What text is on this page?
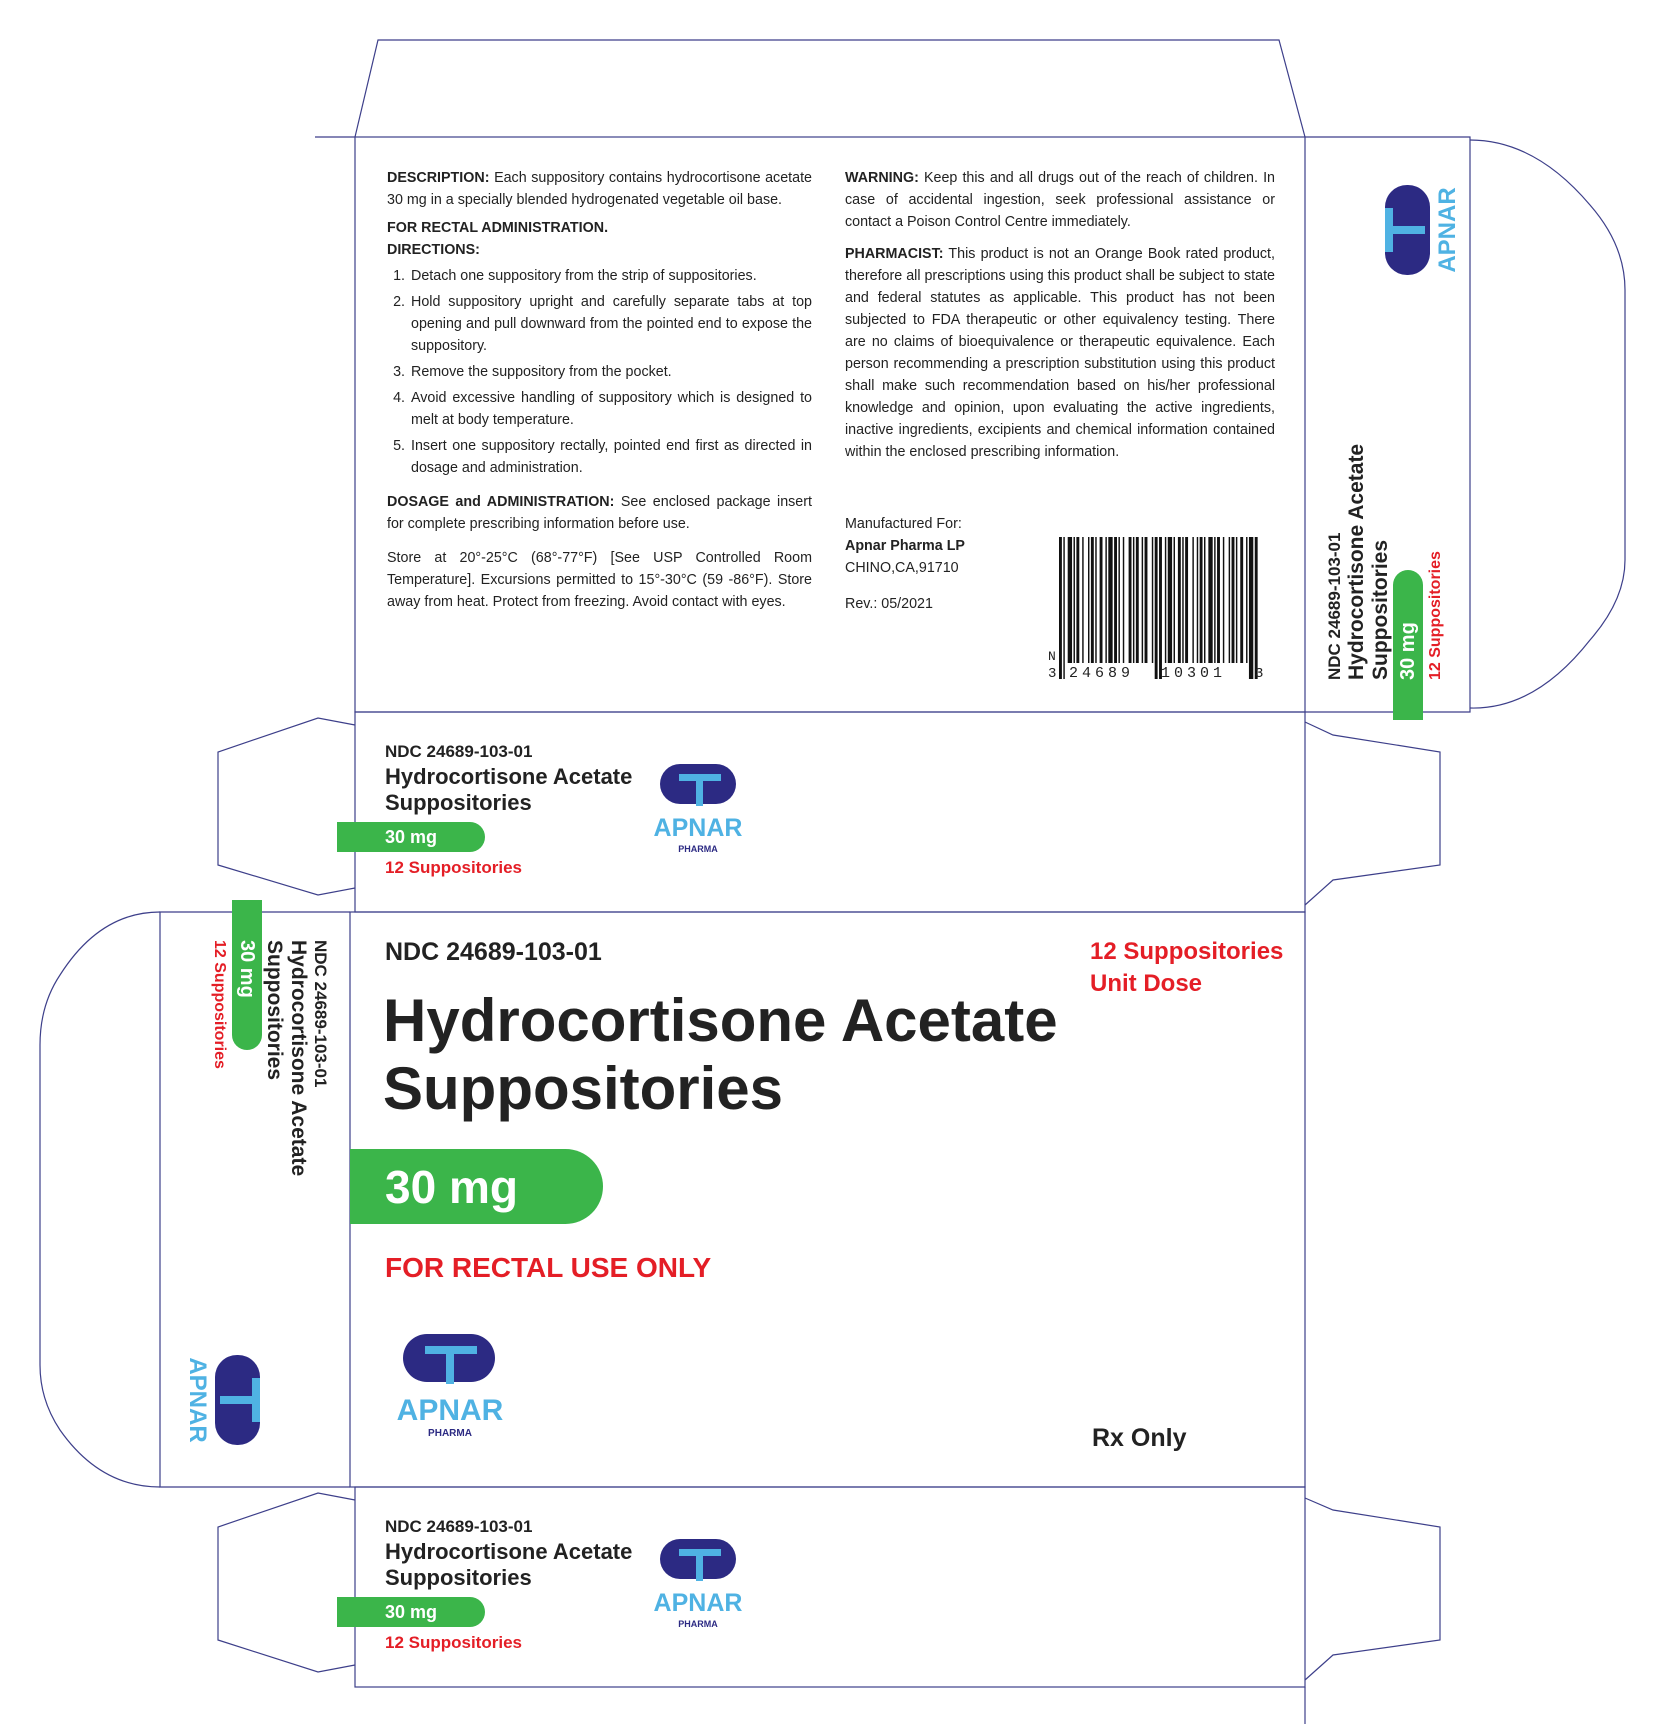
DESCRIPTION: Each suppository contains hydrocortisone acetate 30 mg in a specially blended hydrogenated vegetable oil base.

FOR RECTAL ADMINISTRATION.
DIRECTIONS:
1. Detach one suppository from the strip of suppositories.
2. Hold suppository upright and carefully separate tabs at top opening and pull downward from the pointed end to expose the suppository.
3. Remove the suppository from the pocket.
4. Avoid excessive handling of suppository which is designed to melt at body temperature.
5. Insert one suppository rectally, pointed end first as directed in dosage and administration.

DOSAGE and ADMINISTRATION: See enclosed package insert for complete prescribing information before use.

Store at 20°-25°C (68°-77°F) [See USP Controlled Room Temperature]. Excursions permitted to 15°-30°C (59 -86°F). Store away from heat. Protect from freezing. Avoid contact with eyes.

WARNING: Keep this and all drugs out of the reach of children. In case of accidental ingestion, seek professional assistance or contact a Poison Control Centre immediately.

PHARMACIST: This product is not an Orange Book rated product, therefore all prescriptions using this product shall be subject to state and federal statutes as applicable. This product has not been subjected to FDA therapeutic or other equivalency testing. There are no claims of bioequivalence or therapeutic equivalence. Each person recommending a prescription substitution using this product shall make such recommendation based on his/her professional knowledge and opinion, upon evaluating the active ingredients, inactive ingredients, excipients and chemical information contained within the enclosed prescribing information.

Manufactured For:
Apnar Pharma LP
CHINO,CA,91710
Rev.: 05/2021
N
3 24689 10301 3
APNAR
NDC 24689-103-01 Hydrocortisone Acetate Suppositories 30 mg 12 Suppositories
NDC 24689-103-01
Hydrocortisone Acetate
Suppositories
30 mg
12 Suppositories
APNAR
PHARMA
NDC 24689-103-01
Hydrocortisone Acetate
Suppositories
30 mg
FOR RECTAL USE ONLY
12 Suppositories
Unit Dose
APNAR
PHARMA	Rx Only
NDC 24689-103-01
Hydrocortisone Acetate
Suppositories
30 mg
12 Suppositories
APNAR
NDC 24689-103-01
Hydrocortisone Acetate
Suppositories
30 mg
12 Suppositories
APNAR
PHARMA
